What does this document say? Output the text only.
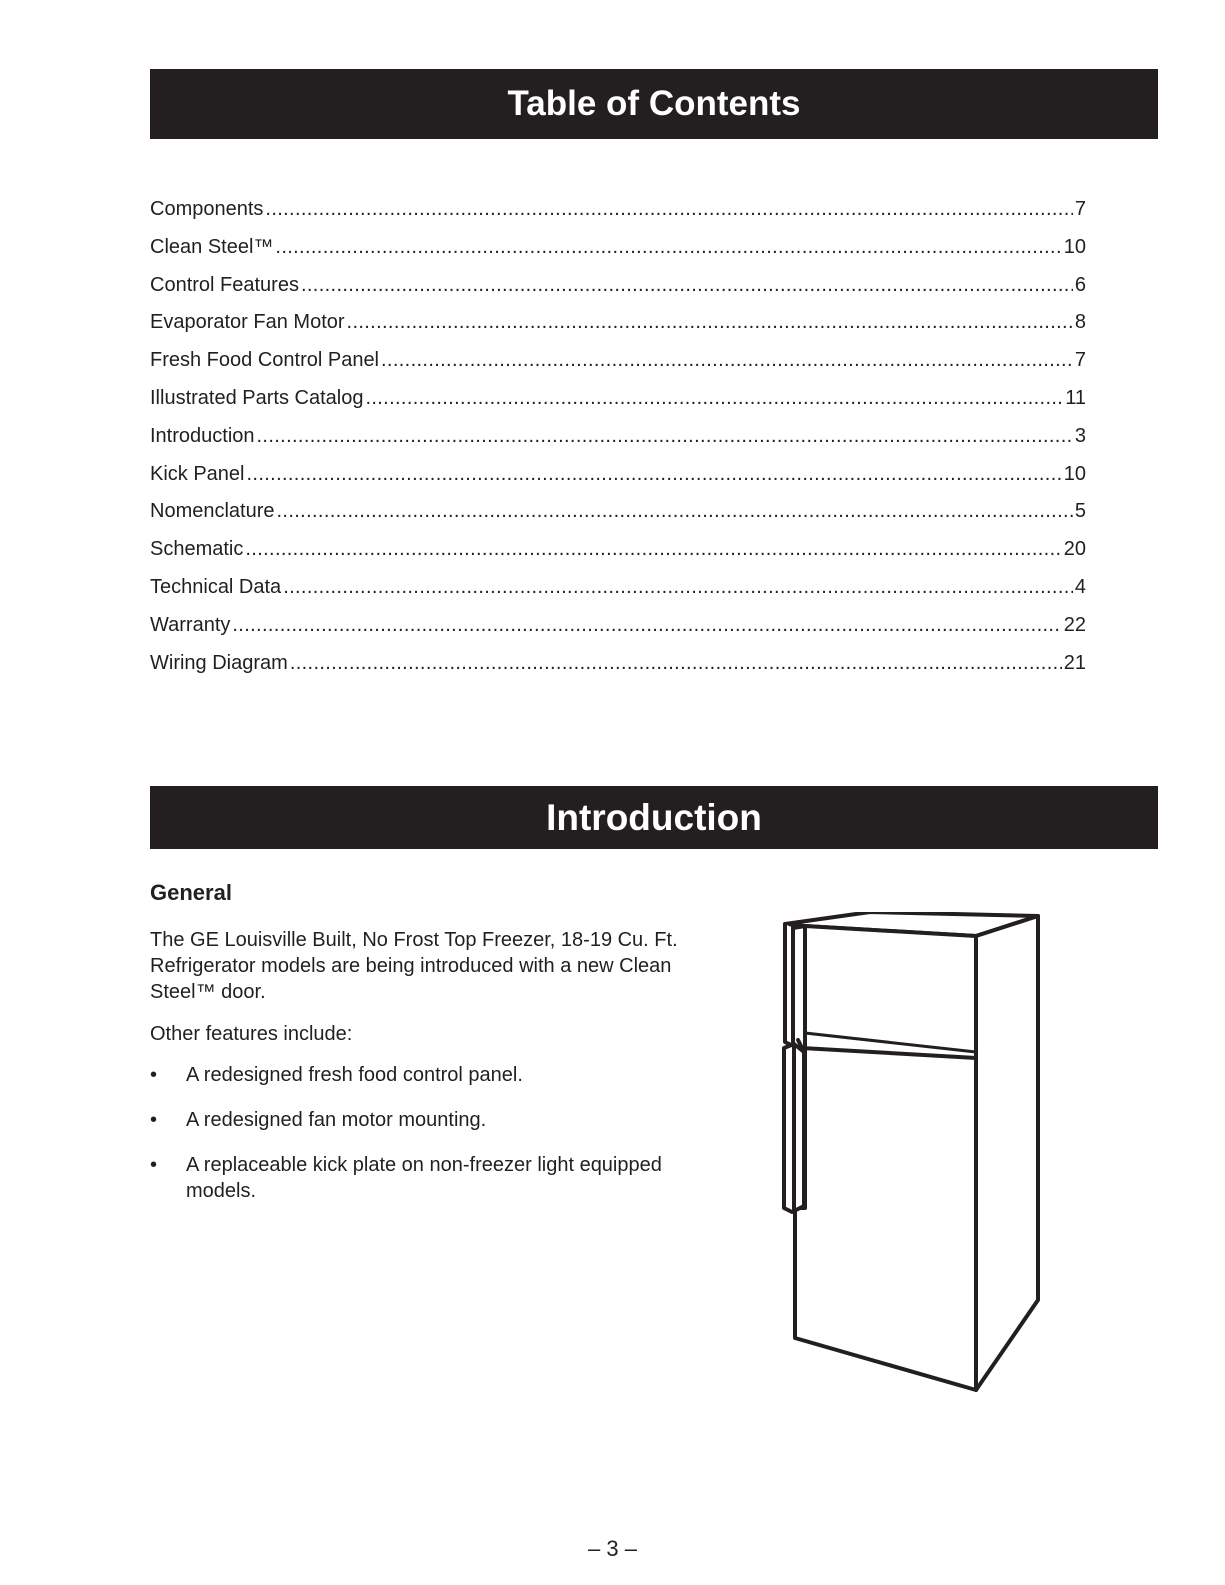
Table of Contents
Components . . .	7
Clean Steel™ . . .	10
Control Features . . .	6
Evaporator Fan Motor . . .	8
Fresh Food Control Panel . . .	7
Illustrated Parts Catalog . . .	11
Introduction . . .	3
Kick Panel . . .	10
Nomenclature . . .	5
Schematic . . .	20
Technical Data . . .	4
Warranty . . .	22
Wiring Diagram . . .	21
Introduction
General

The GE Louisville Built, No Frost Top Freezer, 18-19 Cu. Ft. Refrigerator models are being introduced with a new Clean Steel™ door.

Other features include:

• A redesigned fresh food control panel.
• A redesigned fan motor mounting.
• A replaceable kick plate on non-freezer light equipped models.
– 3 –
